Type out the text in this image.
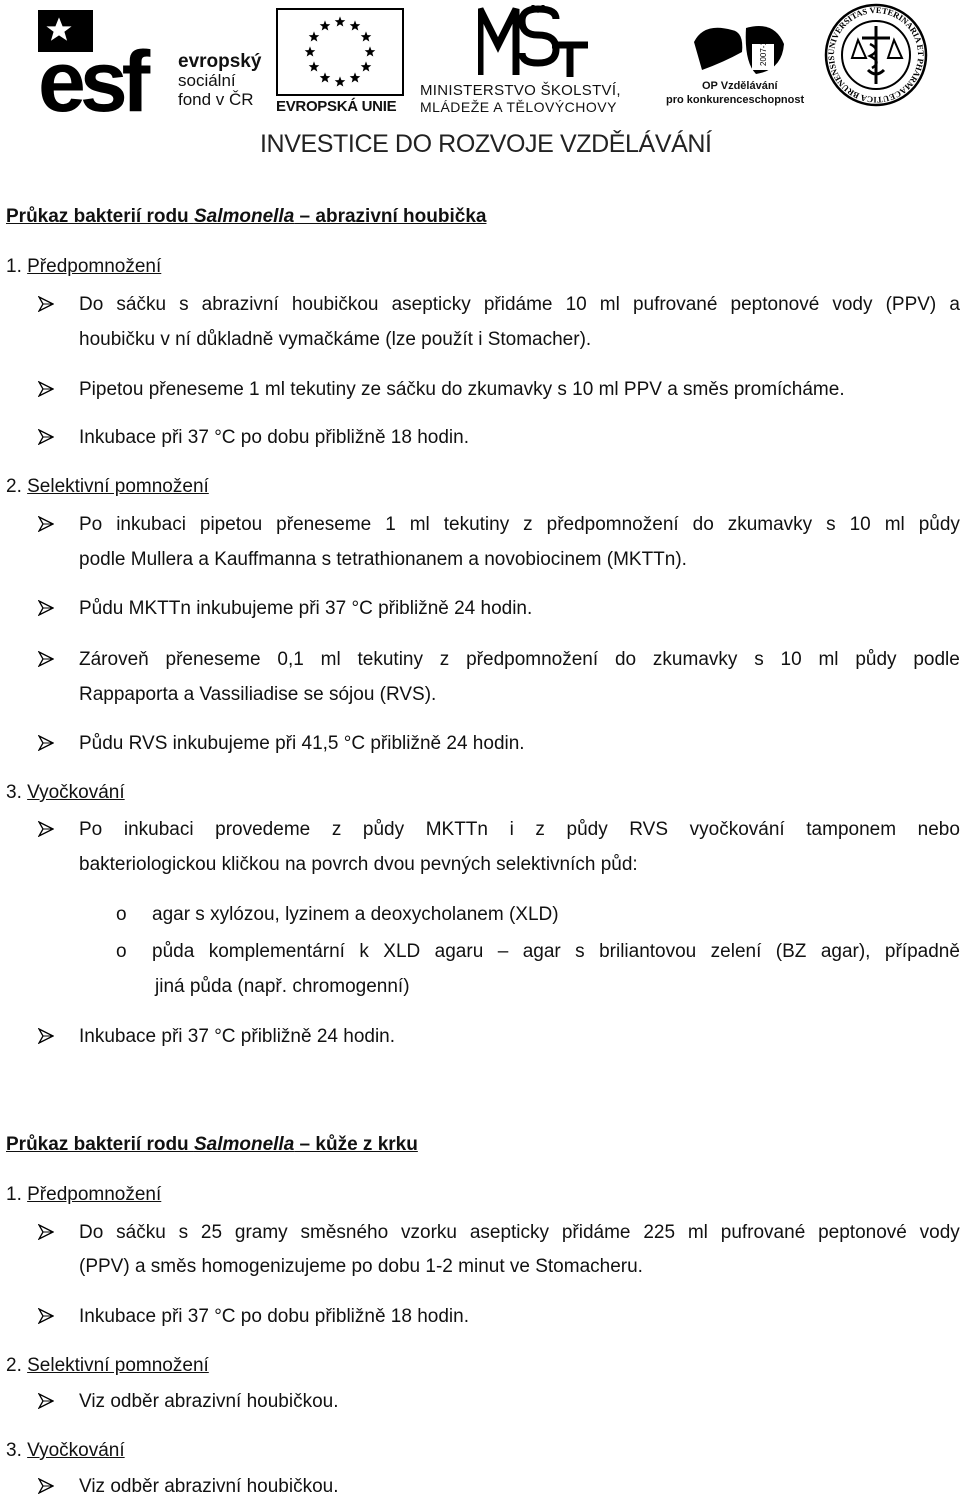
esf	evropský
sociální
fond v ČR EVROPSKÁ UNIE
MINISTERSTVO ŠKOLSTVÍ,
MLÁDEŽE A TĚLOVÝCHOVY
2007-13
OP Vzdělávání
pro konkurenceschopnost
UNIVERSITAS VETERINARIA ET PHARMACEUTICA BRUNENSIS
INVESTICE DO ROZVOJE VZDĚLÁVÁNÍ
Průkaz bakterií rodu Salmonella – abrazivní houbička
1. Předpomnožení
Do sáčku s abrazivní houbičkou asepticky přidáme 10 ml pufrované peptonové vody (PPV) a
houbičku v ní důkladně vymačkáme (lze použít i Stomacher).
Pipetou přeneseme 1 ml tekutiny ze sáčku do zkumavky s 10 ml PPV a směs promícháme.
Inkubace při 37 °C po dobu přibližně 18 hodin.
2. Selektivní pomnožení
Po inkubaci pipetou přeneseme 1 ml tekutiny z předpomnožení do zkumavky s 10 ml půdy
podle Mullera a Kauffmanna s tetrathionanem a novobiocinem (MKTTn).
Půdu MKTTn inkubujeme při 37 °C přibližně 24 hodin.
Zároveň přeneseme 0,1 ml tekutiny z předpomnožení do zkumavky s 10 ml půdy podle
Rappaporta a Vassiliadise se sójou (RVS).
Půdu RVS inkubujeme při 41,5 °C přibližně 24 hodin.
3. Vyočkování
Po inkubaci provedeme z půdy MKTTn i z půdy RVS vyočkování tamponem nebo
bakteriologickou kličkou na povrch dvou pevných selektivních půd:
o agar s xylózou, lyzinem a deoxycholanem (XLD)
o půda komplementární k XLD agaru – agar s briliantovou zelení (BZ agar), případně
jiná půda (např. chromogenní)
Inkubace při 37 °C přibližně 24 hodin.
Průkaz bakterií rodu Salmonella – kůže z krku
1. Předpomnožení
Do sáčku s 25 gramy směsného vzorku asepticky přidáme 225 ml pufrované peptonové vody
(PPV) a směs homogenizujeme po dobu 1-2 minut ve Stomacheru.
Inkubace při 37 °C po dobu přibližně 18 hodin.
2. Selektivní pomnožení
Viz odběr abrazivní houbičkou.
3. Vyočkování
Viz odběr abrazivní houbičkou.
